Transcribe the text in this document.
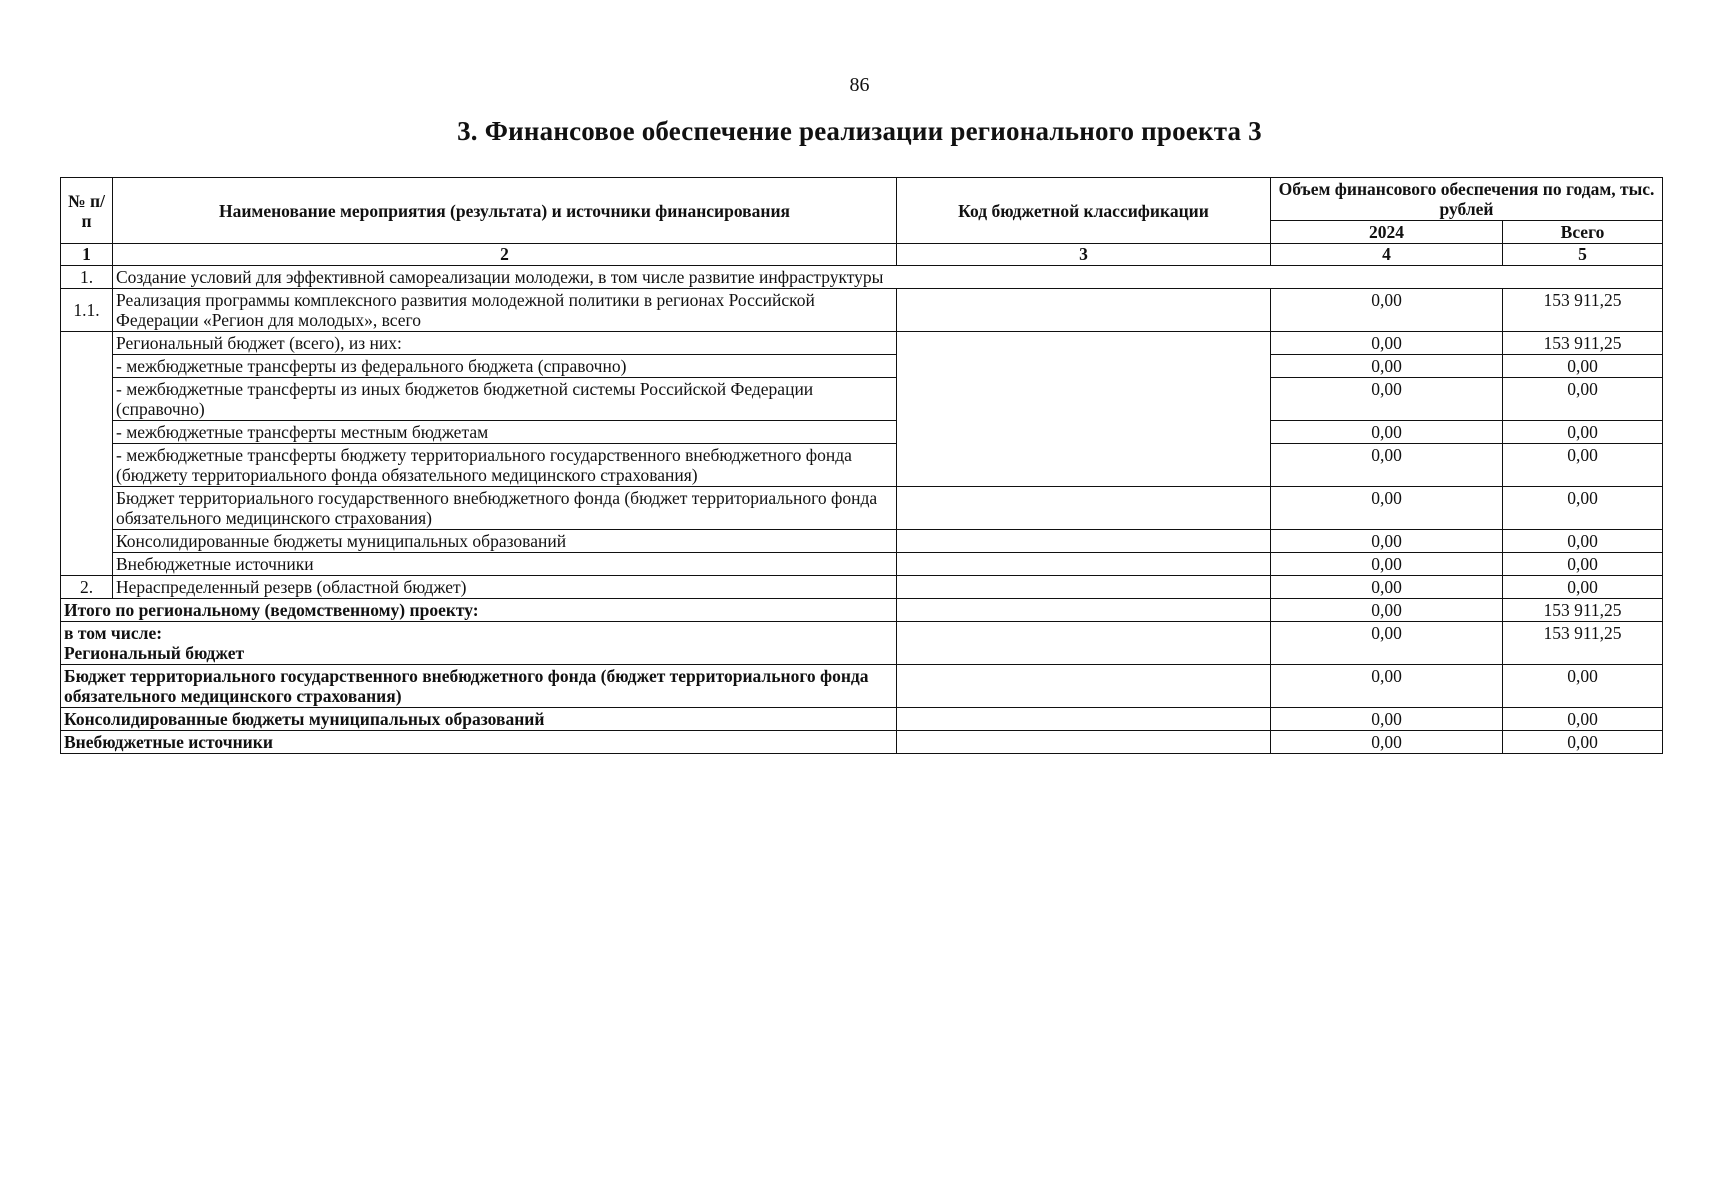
86
3. Финансовое обеспечение реализации регионального проекта 3
№ п/п	Наименование мероприятия (результата) и источники финансирования	Код бюджетной классификации	Объем финансового обеспечения по годам, тыс. рублей	
			2024	Всего
1	2	3	4	5
1.	Создание условий для эффективной самореализации молодежи, в том числе развитие инфраструктуры			
1.1.	Реализация программы комплексного развития молодежной политики в регионах Российской Федерации «Регион для молодых», всего		0,00	153 911,25
	Региональный бюджет (всего), из них:		0,00	153 911,25
	- межбюджетные трансферты из федерального бюджета (справочно)		0,00	0,00
	- межбюджетные трансферты из иных бюджетов бюджетной системы Российской Федерации (справочно)		0,00	0,00
	- межбюджетные трансферты местным бюджетам		0,00	0,00
	- межбюджетные трансферты бюджету территориального государственного внебюджетного фонда (бюджету территориального фонда обязательного медицинского страхования)		0,00	0,00
	Бюджет территориального государственного внебюджетного фонда (бюджет территориального фонда обязательного медицинского страхования)		0,00	0,00
	Консолидированные бюджеты муниципальных образований		0,00	0,00
	Внебюджетные источники		0,00	0,00
2.	Нераспределенный резерв (областной бюджет)		0,00	0,00
Итого по региональному (ведомственному) проекту:			0,00	153 911,25

в том числе:
Региональный бюджет			0,00	153 911,25
Бюджет территориального государственного внебюджетного фонда (бюджет территориального фонда обязательного медицинского страхования)			0,00	0,00
Консолидированные бюджеты муниципальных образований			0,00	0,00
Внебюджетные источники			0,00	0,00
